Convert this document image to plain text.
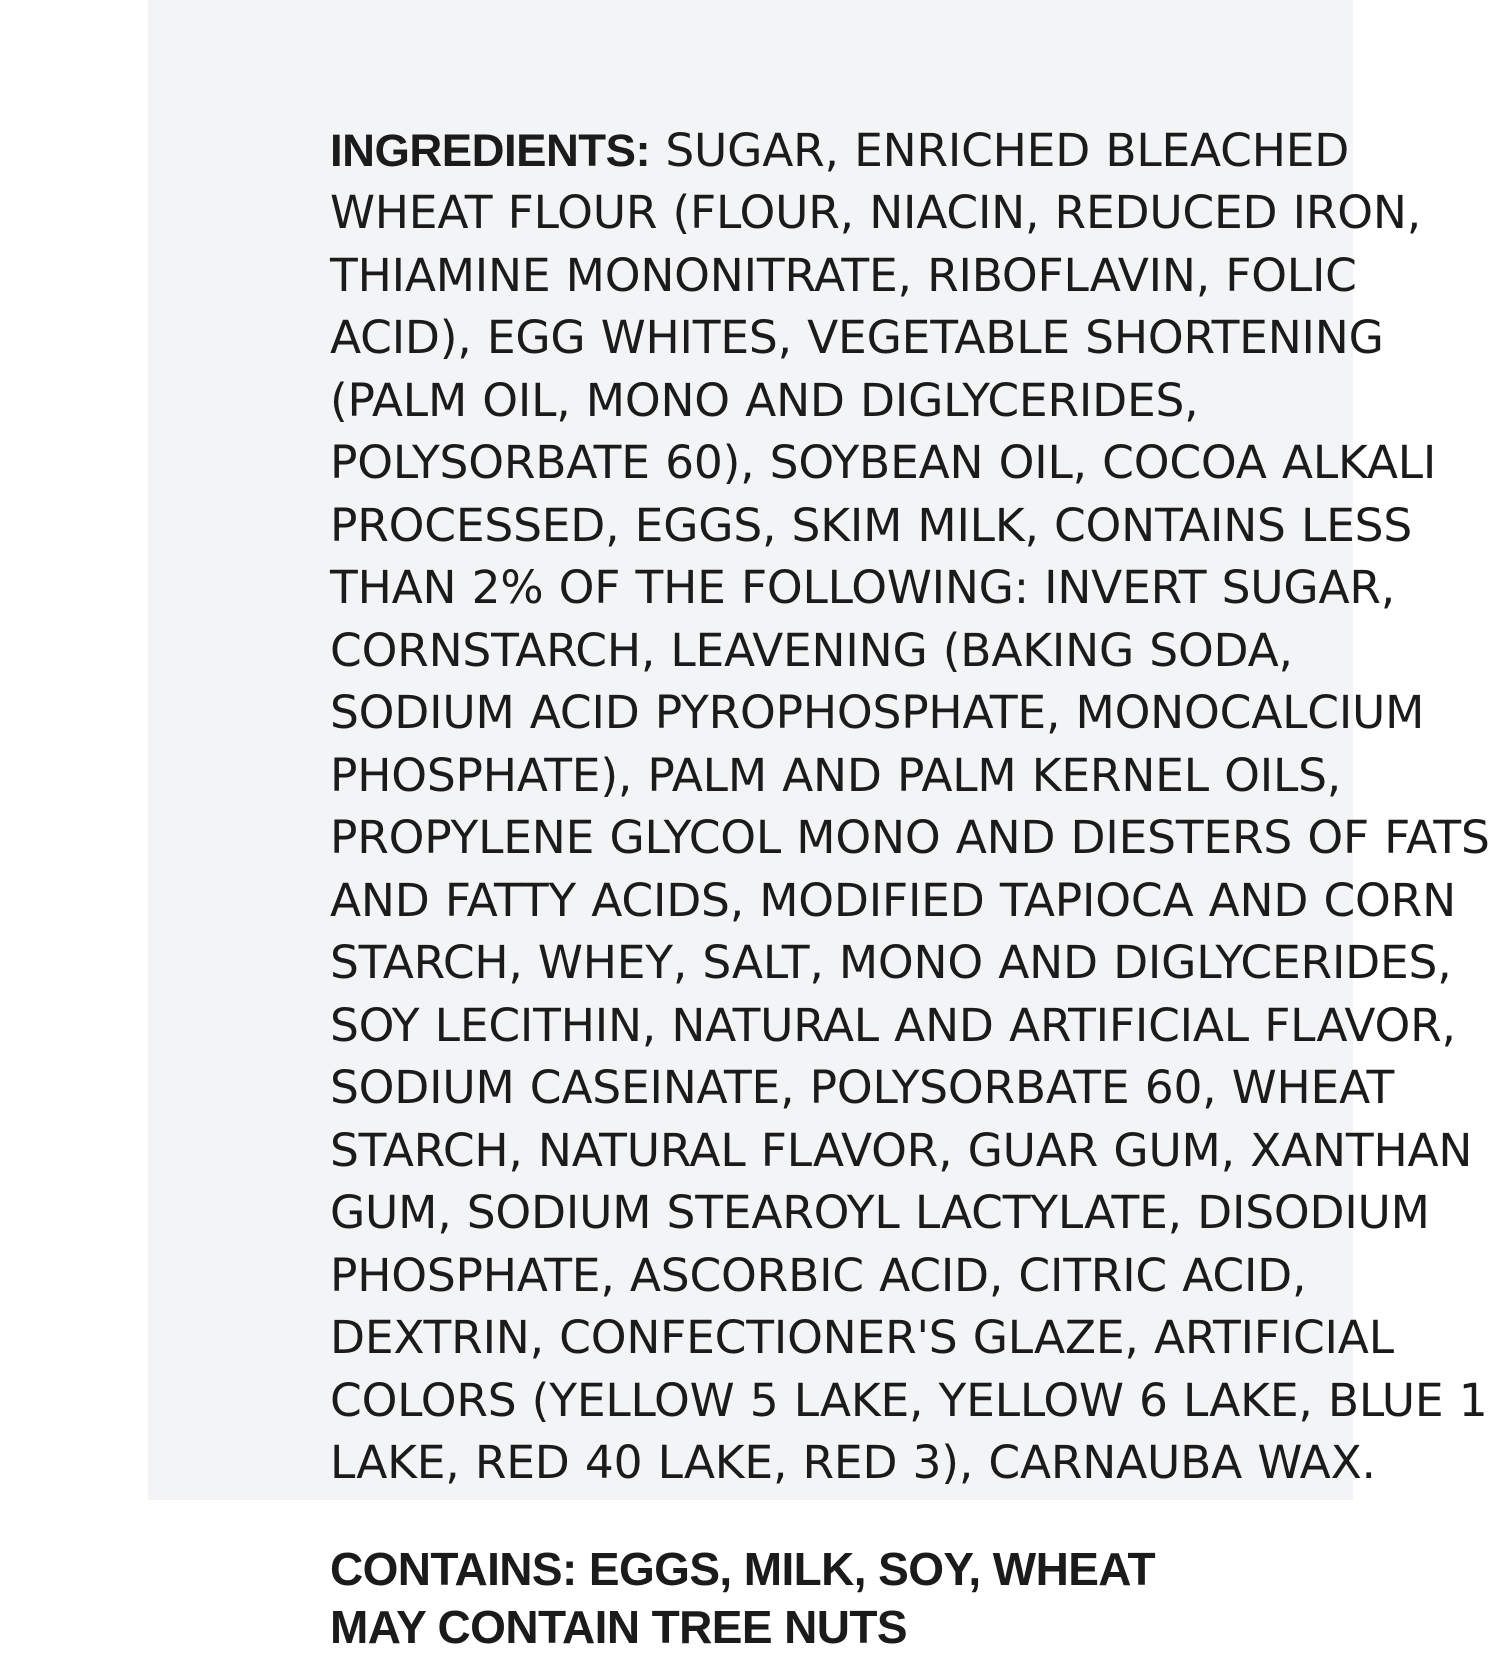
INGREDIENTS: SUGAR, ENRICHED BLEACHED WHEAT FLOUR (FLOUR, NIACIN, REDUCED IRON, THIAMINE MONONITRATE, RIBOFLAVIN, FOLIC ACID), EGG WHITES, VEGETABLE SHORTENING (PALM OIL, MONO AND DIGLYCERIDES, POLYSORBATE 60), SOYBEAN OIL, COCOA ALKALI PROCESSED, EGGS, SKIM MILK, CONTAINS LESS THAN 2% OF THE FOLLOWING: INVERT SUGAR, CORNSTARCH, LEAVENING (BAKING SODA, SODIUM ACID PYROPHOSPHATE, MONOCALCIUM PHOSPHATE), PALM AND PALM KERNEL OILS, PROPYLENE GLYCOL MONO AND DIESTERS OF FATS AND FATTY ACIDS, MODIFIED TAPIOCA AND CORN STARCH, WHEY, SALT, MONO AND DIGLYCERIDES, SOY LECITHIN, NATURAL AND ARTIFICIAL FLAVOR, SODIUM CASEINATE, POLYSORBATE 60, WHEAT STARCH, NATURAL FLAVOR, GUAR GUM, XANTHAN GUM, SODIUM STEAROYL LACTYLATE, DISODIUM PHOSPHATE, ASCORBIC ACID, CITRIC ACID, DEXTRIN, CONFECTIONER'S GLAZE, ARTIFICIAL COLORS (YELLOW 5 LAKE, YELLOW 6 LAKE, BLUE 1 LAKE, RED 40 LAKE, RED 3), CARNAUBA WAX.

CONTAINS: EGGS, MILK, SOY, WHEAT
MAY CONTAIN TREE NUTS
